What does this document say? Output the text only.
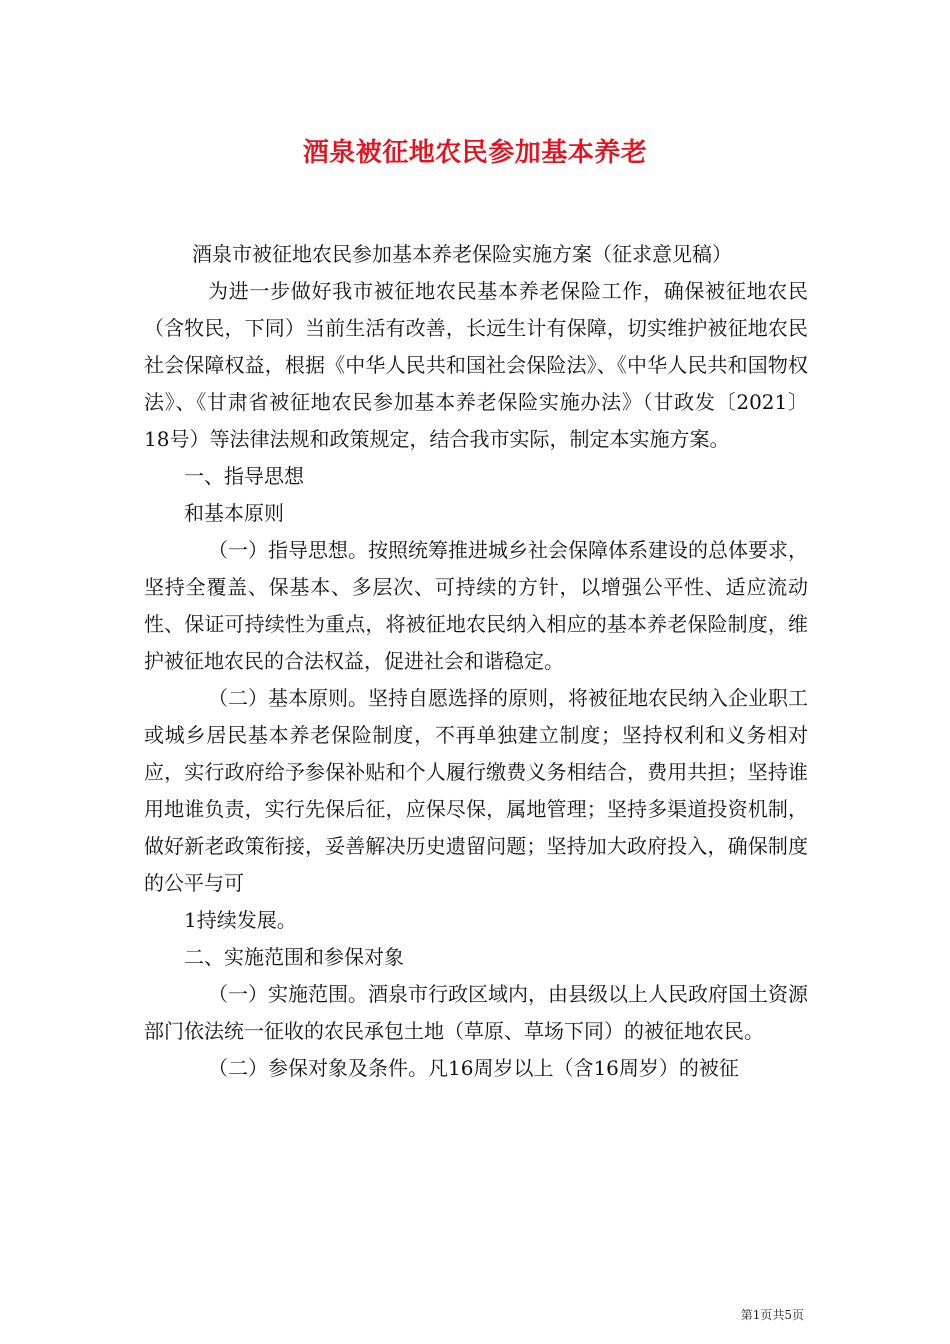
酒泉被征地农民参加基本养老

酒泉市被征地农民参加基本养老保险实施方案（征求意见稿）

为进一步做好我市被征地农民基本养老保险工作，确保被征地农民（含牧民，下同）当前生活有改善，长远生计有保障，切实维护被征地农民社会保障权益，根据《中华人民共和国社会保险法》、《中华人民共和国物权法》、《甘肃省被征地农民参加基本养老保险实施办法》（甘政发〔2021〕18号）等法律法规和政策规定，结合我市实际，制定本实施方案。

一、指导思想

和基本原则

（一）指导思想。按照统筹推进城乡社会保障体系建设的总体要求，坚持全覆盖、保基本、多层次、可持续的方针，以增强公平性、适应流动性、保证可持续性为重点，将被征地农民纳入相应的基本养老保险制度，维护被征地农民的合法权益，促进社会和谐稳定。

（二）基本原则。坚持自愿选择的原则，将被征地农民纳入企业职工或城乡居民基本养老保险制度，不再单独建立制度；坚持权利和义务相对应，实行政府给予参保补贴和个人履行缴费义务相结合，费用共担；坚持谁用地谁负责，实行先保后征，应保尽保，属地管理；坚持多渠道投资机制，做好新老政策衔接，妥善解决历史遗留问题；坚持加大政府投入，确保制度的公平与可

1持续发展。

二、实施范围和参保对象

（一）实施范围。酒泉市行政区域内，由县级以上人民政府国土资源部门依法统一征收的农民承包土地（草原、草场下同）的被征地农民。

（二）参保对象及条件。凡16周岁以上（含16周岁）的被征

第1页共5页
